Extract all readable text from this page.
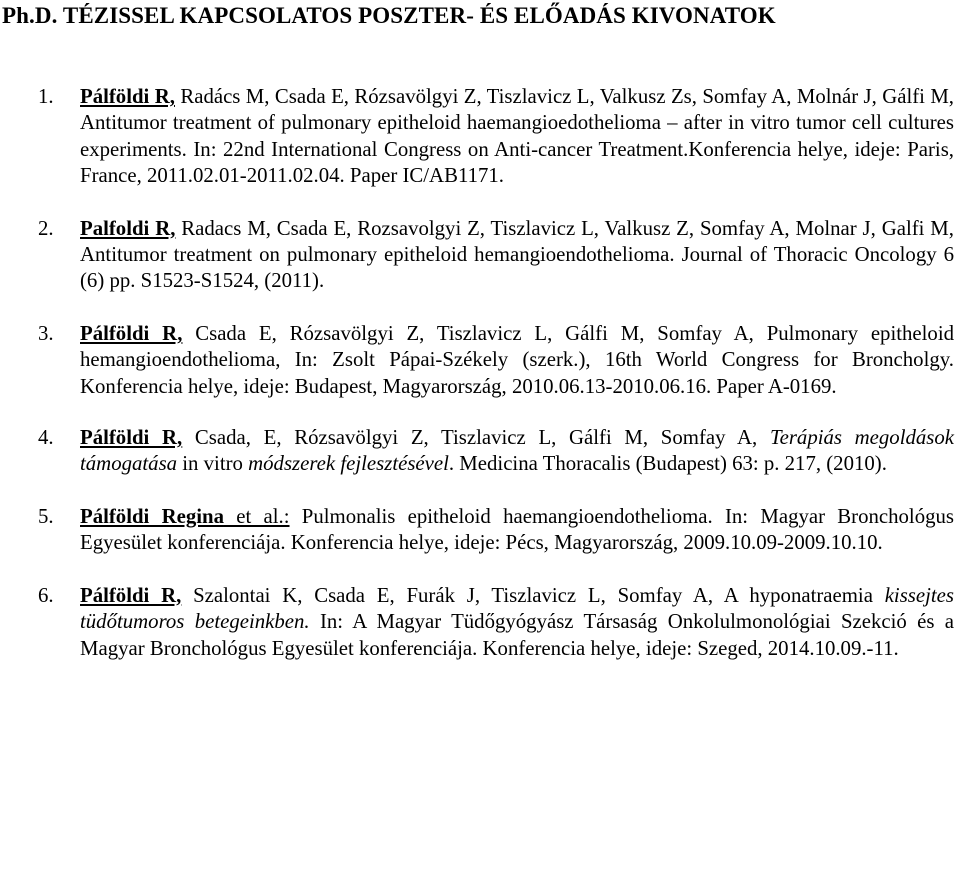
Ph.D. TÉZISSEL KAPCSOLATOS POSZTER- ÉS ELŐADÁS KIVONATOK
1. Pálföldi R, Radács M, Csada E, Rózsavölgyi Z, Tiszlavicz L, Valkusz Zs, Somfay A, Molnár J, Gálfi M, Antitumor treatment of pulmonary epitheloid haemangioedothelioma – after in vitro tumor cell cultures experiments. In: 22nd International Congress on Anti-cancer Treatment.Konferencia helye, ideje: Paris, France, 2011.02.01-2011.02.04. Paper IC/AB1171.
2. Palfoldi R, Radacs M, Csada E, Rozsavolgyi Z, Tiszlavicz L, Valkusz Z, Somfay A, Molnar J, Galfi M, Antitumor treatment on pulmonary epitheloid hemangioendothelioma. Journal of Thoracic Oncology 6 (6) pp. S1523-S1524, (2011).
3. Pálföldi R, Csada E, Rózsavölgyi Z, Tiszlavicz L, Gálfi M, Somfay A, Pulmonary epitheloid hemangioendothelioma, In: Zsolt Pápai-Székely (szerk.), 16th World Congress for Broncholgy. Konferencia helye, ideje: Budapest, Magyarország, 2010.06.13-2010.06.16. Paper A-0169.
4. Pálföldi R, Csada, E, Rózsavölgyi Z, Tiszlavicz L, Gálfi M, Somfay A, Terápiás megoldások támogatása in vitro módszerek fejlesztésével. Medicina Thoracalis (Budapest) 63: p. 217, (2010).
5. Pálföldi Regina et al.: Pulmonalis epitheloid haemangioendothelioma. In: Magyar Bronchológus Egyesület konferenciája. Konferencia helye, ideje: Pécs, Magyarország, 2009.10.09-2009.10.10.
6. Pálföldi R, Szalontai K, Csada E, Furák J, Tiszlavicz L, Somfay A, A hyponatraemia kissejtes tüdőtumoros betegeinkben. In: A Magyar Tüdőgyógyász Társaság Onkolulmonológiai Szekció és a Magyar Bronchológus Egyesület konferenciája. Konferencia helye, ideje: Szeged, 2014.10.09.-11.
